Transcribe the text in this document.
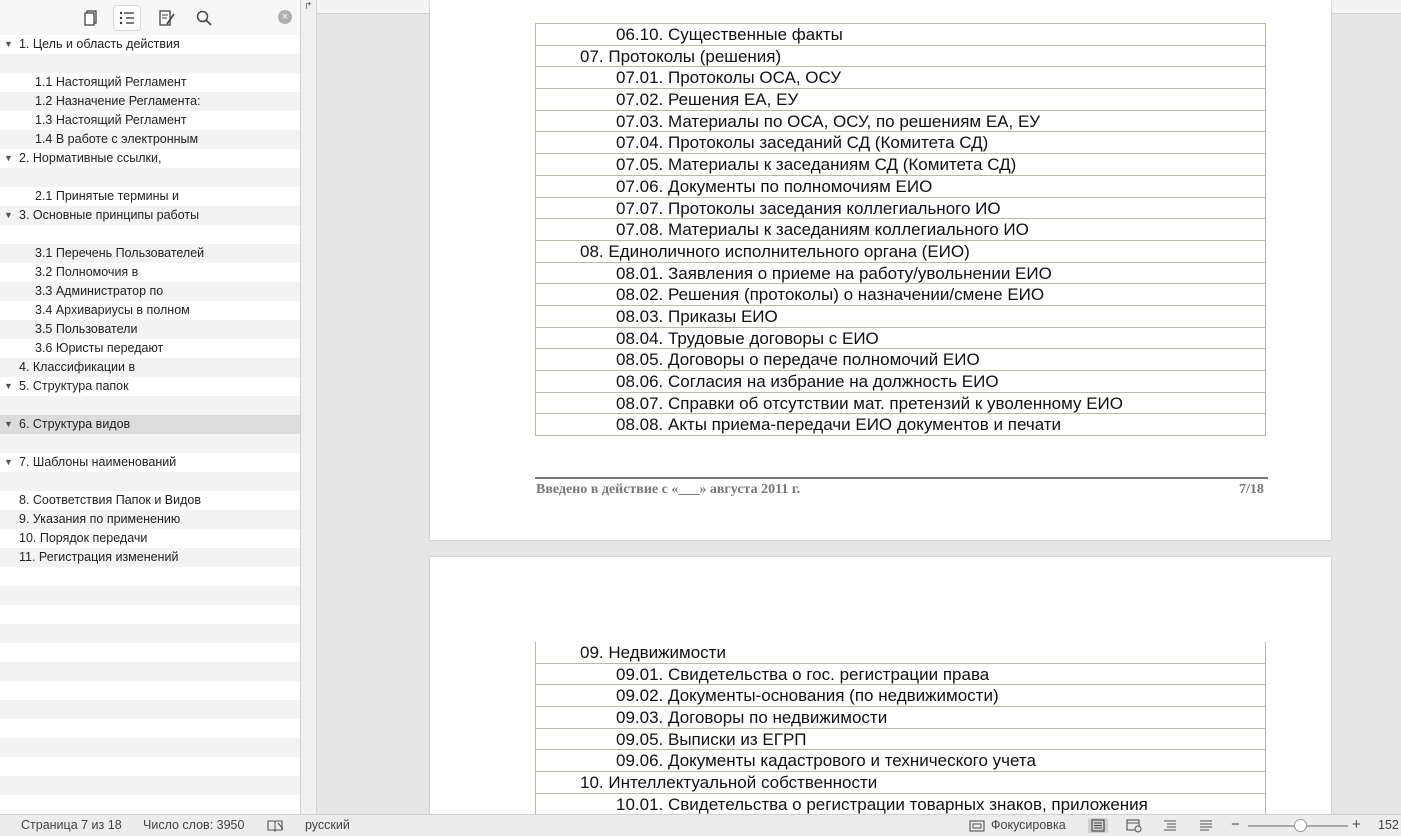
×
▼ 1. Цель и область действия
1.1 Настоящий Регламент
1.2 Назначение Регламента:
1.3 Настоящий Регламент
1.4 В работе с электронным
▼ 2. Нормативные ссылки,
2.1 Принятые термины и
▼ 3. Основные принципы работы
3.1 Перечень Пользователей
3.2 Полномочия в
3.3 Администратор по
3.4 Архивариусы в полном
3.5 Пользователи
3.6 Юристы передают
4. Классификации в
▼ 5. Структура папок
▼ 6. Структура видов
▼ 7. Шаблоны наименований
8. Соответствия Папок и Видов
9. Указания по применению
10. Порядок передачи
11. Регистрация изменений
↱
06.10. Существенные факты
07. Протоколы (решения)
07.01. Протоколы ОСА, ОСУ
07.02. Решения ЕА, ЕУ
07.03. Материалы по ОСА, ОСУ, по решениям ЕА, ЕУ
07.04. Протоколы заседаний СД (Комитета СД)
07.05. Материалы к заседаниям СД (Комитета СД)
07.06. Документы по полномочиям ЕИО
07.07. Протоколы заседания коллегиального ИО
07.08. Материалы к заседаниям коллегиального ИО
08. Единоличного исполнительного органа (ЕИО)
08.01. Заявления о приеме на работу/увольнении ЕИО
08.02. Решения (протоколы) о назначении/смене ЕИО
08.03. Приказы ЕИО
08.04. Трудовые договоры с ЕИО
08.05. Договоры о передаче полномочий ЕИО
08.06. Согласия на избрание на должность ЕИО
08.07. Справки об отсутствии мат. претензий к уволенному ЕИО
08.08. Акты приема-передачи ЕИО документов и печати
Введено в действие с «___» августа 2011 г.	7/18
09. Недвижимости
09.01. Свидетельства о гос. регистрации права
09.02. Документы-основания (по недвижимости)
09.03. Договоры по недвижимости
09.05. Выписки из ЕГРП
09.06. Документы кадастрового и технического учета
10. Интеллектуальной собственности
10.01. Свидетельства о регистрации товарных знаков, приложения
Страница 7 из 18 Число слов: 3950	русский	Фокусировка	−	+ 152
